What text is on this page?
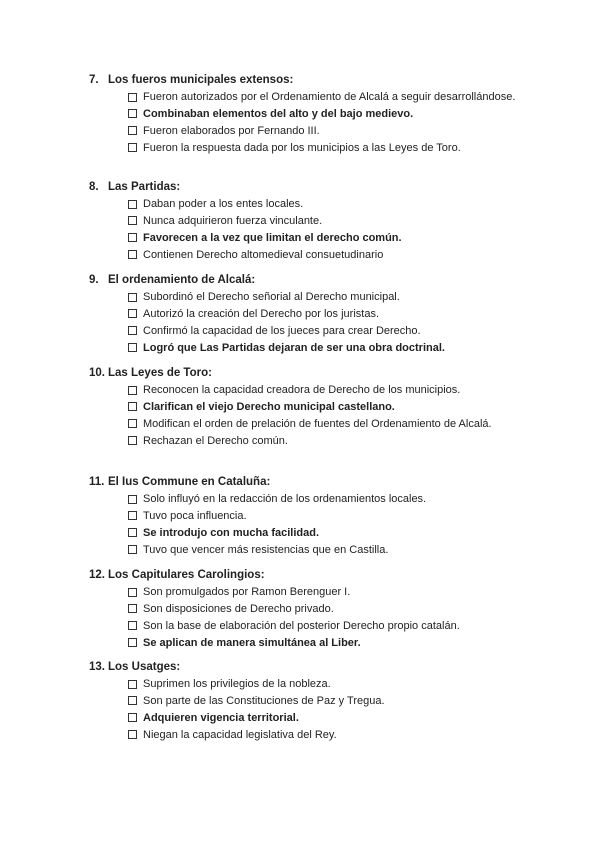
7. Los fueros municipales extensos:
Fueron autorizados por el Ordenamiento de Alcalá a seguir desarrollándose.
Combinaban elementos del alto y del bajo medievo.
Fueron elaborados por Fernando III.
Fueron la respuesta dada por los municipios a las Leyes de Toro.
8. Las Partidas:
Daban poder a los entes locales.
Nunca adquirieron fuerza vinculante.
Favorecen a la vez que limitan el derecho común.
Contienen Derecho altomedieval consuetudinario
9. El ordenamiento de Alcalá:
Subordinó el Derecho señorial al Derecho municipal.
Autorizó la creación del Derecho por los juristas.
Confirmó la capacidad de los jueces para crear Derecho.
Logró que Las Partidas dejaran de ser una obra doctrinal.
10. Las Leyes de Toro:
Reconocen la capacidad creadora de Derecho de los municipios.
Clarifican el viejo Derecho municipal castellano.
Modifican el orden de prelación de fuentes del Ordenamiento de Alcalá.
Rechazan el Derecho común.
11. El Ius Commune en Cataluña:
Solo influyó en la redacción de los ordenamientos locales.
Tuvo poca influencia.
Se introdujo con mucha facilidad.
Tuvo que vencer más resistencias que en Castilla.
12. Los Capitulares Carolingios:
Son promulgados por Ramon Berenguer I.
Son disposiciones de Derecho privado.
Son la base de elaboración del posterior Derecho propio catalán.
Se aplican de manera simultánea al Liber.
13. Los Usatges:
Suprimen los privilegios de la nobleza.
Son parte de las Constituciones de Paz y Tregua.
Adquieren vigencia territorial.
Niegan la capacidad legislativa del Rey.
